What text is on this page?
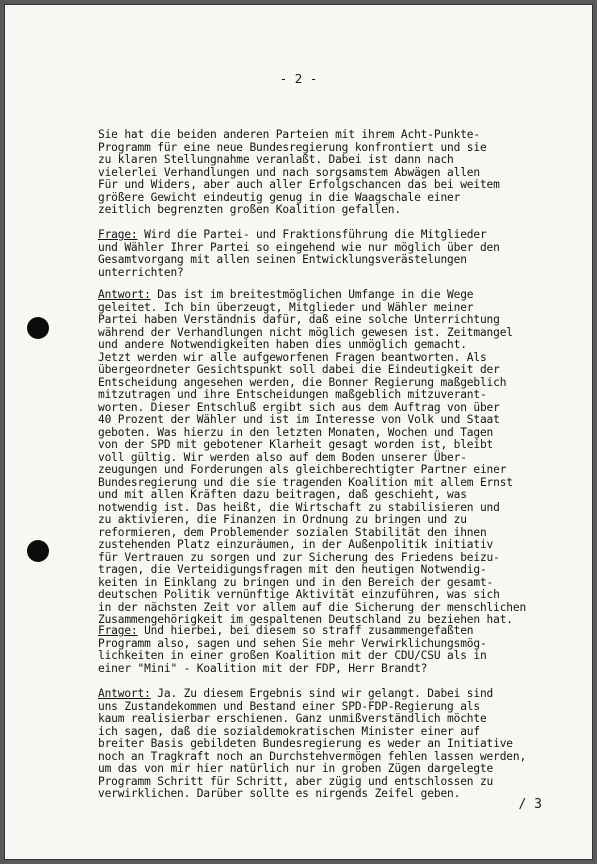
- 2 -
Sie hat die beiden anderen Parteien mit ihrem Acht-Punkte-
Programm für eine neue Bundesregierung konfrontiert und sie
zu klaren Stellungnahme veranlaßt. Dabei ist dann nach
vielerlei Verhandlungen und nach sorgsamstem Abwägen allen
Für und Widers, aber auch aller Erfolgschancen das bei weitem
größere Gewicht eindeutig genug in die Waagschale einer
zeitlich begrenzten großen Koalition gefallen.
Frage: Wird die Partei- und Fraktionsführung die Mitglieder
und Wähler Ihrer Partei so eingehend wie nur möglich über den
Gesamtvorgang mit allen seinen Entwicklungsverästelungen
unterrichten?
Antwort: Das ist im breitestmöglichen Umfange in die Wege
geleitet. Ich bin überzeugt, Mitglieder und Wähler meiner
Partei haben Verständnis dafür, daß eine solche Unterrichtung
während der Verhandlungen nicht möglich gewesen ist. Zeitmangel
und andere Notwendigkeiten haben dies unmöglich gemacht.
Jetzt werden wir alle aufgeworfenen Fragen beantworten. Als
übergeordneter Gesichtspunkt soll dabei die Eindeutigkeit der
Entscheidung angesehen werden, die Bonner Regierung maßgeblich
mitzutragen und ihre Entscheidungen maßgeblich mitzuverant-
worten. Dieser Entschluß ergibt sich aus dem Auftrag von über
40 Prozent der Wähler und ist im Interesse von Volk und Staat
geboten. Was hierzu in den letzten Monaten, Wochen und Tagen
von der SPD mit gebotener Klarheit gesagt worden ist, bleibt
voll gültig. Wir werden also auf dem Boden unserer Über-
zeugungen und Forderungen als gleichberechtigter Partner einer
Bundesregierung und die sie tragenden Koalition mit allem Ernst
und mit allen Kräften dazu beitragen, daß geschieht, was
notwendig ist. Das heißt, die Wirtschaft zu stabilisieren und
zu aktivieren, die Finanzen in Ordnung zu bringen und zu
reformieren, dem Problemender sozialen Stabilität den ihnen
zustehenden Platz einzuräumen, in der Außenpolitik initiativ
für Vertrauen zu sorgen und zur Sicherung des Friedens beizu-
tragen, die Verteidigungsfragen mit den heutigen Notwendig-
keiten in Einklang zu bringen und in den Bereich der gesamt-
deutschen Politik vernünftige Aktivität einzuführen, was sich
in der nächsten Zeit vor allem auf die Sicherung der menschlichen
Zusammengehörigkeit im gespaltenen Deutschland zu beziehen hat.
Frage: Und hierbei, bei diesem so straff zusammengefaßten
Programm also, sagen und sehen Sie mehr Verwirklichungsmög-
lichkeiten in einer großen Koalition mit der CDU/CSU als in
einer "Mini" - Koalition mit der FDP, Herr Brandt?
Antwort: Ja. Zu diesem Ergebnis sind wir gelangt. Dabei sind
uns Zustandekommen und Bestand einer SPD-FDP-Regierung als
kaum realisierbar erschienen. Ganz unmißverständlich möchte
ich sagen, daß die sozialdemokratischen Minister einer auf
breiter Basis gebildeten Bundesregierung es weder an Initiative
noch an Tragkraft noch an Durchstehvermögen fehlen lassen werden,
um das von mir hier natürlich nur in groben Zügen dargelegte
Programm Schritt für Schritt, aber zügig und entschlossen zu
verwirklichen. Darüber sollte es nirgends Zeifel geben.
/ 3
